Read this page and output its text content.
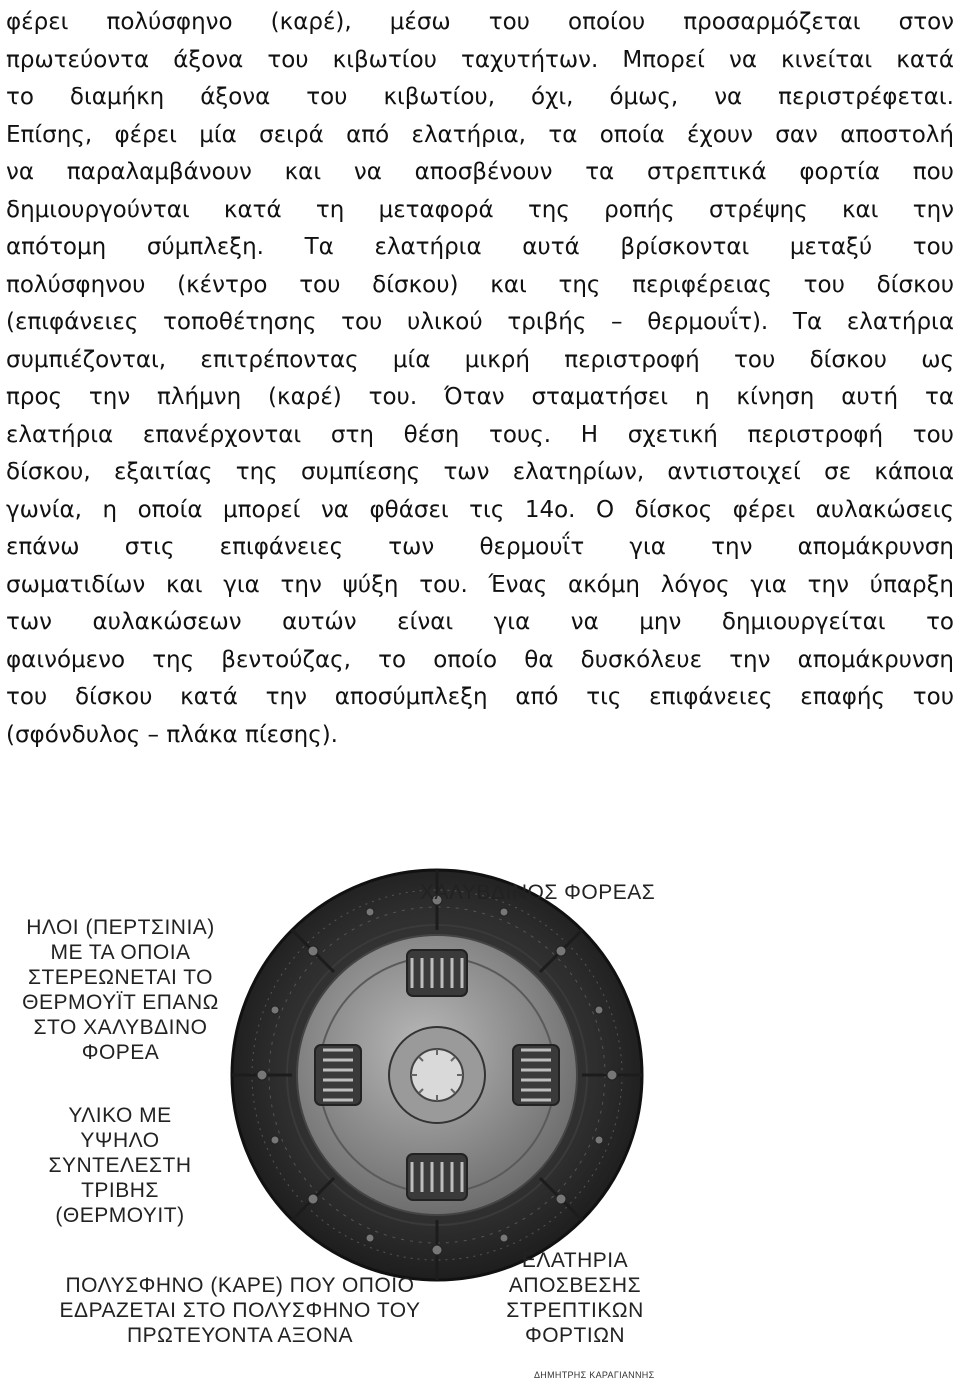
φέρει πολύσφηνο (καρέ), μέσω του οποίου προσαρμόζεται στον
πρωτεύοντα άξονα του κιβωτίου ταχυτήτων. Μπορεί να κινείται κατά
το διαμήκη άξονα του κιβωτίου, όχι, όμως, να περιστρέφεται.
Επίσης, φέρει μία σειρά από ελατήρια, τα οποία έχουν σαν αποστολή
να παραλαμβάνουν και να αποσβένουν τα στρεπτικά φορτία που
δημιουργούνται κατά τη μεταφορά της ροπής στρέψης και την
απότομη σύμπλεξη. Τα ελατήρια αυτά βρίσκονται μεταξύ του
πολύσφηνου (κέντρο του δίσκου) και της περιφέρειας του δίσκου
(επιφάνειες τοποθέτησης του υλικού τριβής – θερμουΐτ). Τα ελατήρια
συμπιέζονται, επιτρέποντας μία μικρή περιστροφή του δίσκου ως
προς την πλήμνη (καρέ) του. Όταν σταματήσει η κίνηση αυτή τα
ελατήρια επανέρχονται στη θέση τους. Η σχετική περιστροφή του
δίσκου, εξαιτίας της συμπίεσης των ελατηρίων, αντιστοιχεί σε κάποια
γωνία, η οποία μπορεί να φθάσει τις 14ο. Ο δίσκος φέρει αυλακώσεις
επάνω στις επιφάνειες των θερμουΐτ για την απομάκρυνση
σωματιδίων και για την ψύξη του. Ένας ακόμη λόγος για την ύπαρξη
των αυλακώσεων αυτών είναι για να μην δημιουργείται το
φαινόμενο της βεντούζας, το οποίο θα δυσκόλευε την απομάκρυνση
του δίσκου κατά την αποσύμπλεξη από τις επιφάνειες επαφής του
(σφόνδυλος – πλάκα πίεσης).
ΧΑΛΥΒΔΙΝΟΣ ΦΟΡΕΑΣ
ΗΛΟΙ (ΠΕΡΤΣΙΝΙΑ)
ΜΕ ΤΑ ΟΠΟΙΑ
ΣΤΕΡΕΩΝΕΤΑΙ ΤΟ
ΘΕΡΜΟΥΪΤ ΕΠΑΝΩ
ΣΤΟ ΧΑΛΥΒΔΙΝΟ
ΦΟΡΕΑ
ΥΛΙΚΟ ΜΕ
ΥΨΗΛΟ
ΣΥΝΤΕΛΕΣΤΗ
ΤΡΙΒΗΣ
(ΘΕΡΜΟΥΙΤ)
ΠΟΛΥΣΦΗΝΟ (ΚΑΡΕ) ΠΟΥ ΟΠΟΙΟ
ΕΔΡΑΖΕΤΑΙ ΣΤΟ ΠΟΛΥΣΦΗΝΟ ΤΟΥ
ΠΡΩΤΕΥΟΝΤΑ ΑΞΟΝΑ
ΕΛΑΤΗΡΙΑ
ΑΠΟΣΒΕΣΗΣ
ΣΤΡΕΠΤΙΚΩΝ
ΦΟΡΤΙΩΝ
ΔΗΜΗΤΡΗΣ ΚΑΡΑΓΙΑΝΝΗΣ
